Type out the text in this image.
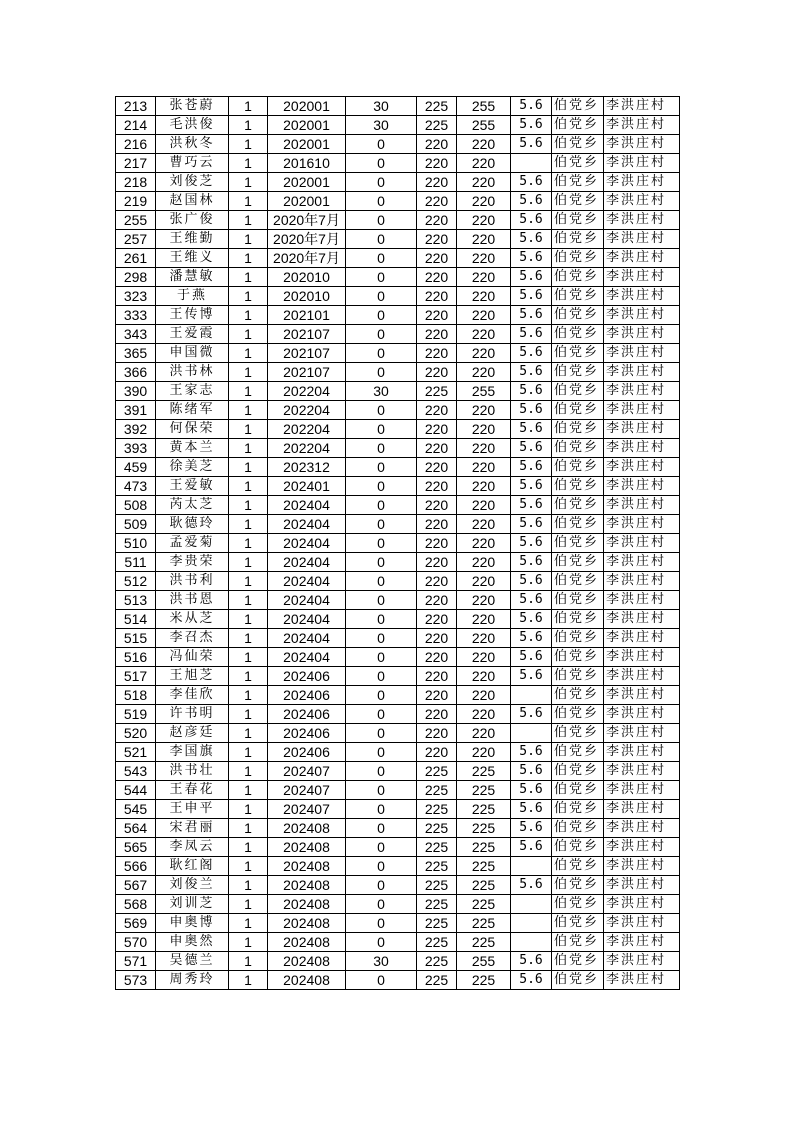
213	张苍蔚	1	202001	30	225	255	5.6	伯党乡	李洪庄村
214	毛洪俊	1	202001	30	225	255	5.6	伯党乡	李洪庄村
216	洪秋冬	1	202001	0	220	220	5.6	伯党乡	李洪庄村
217	曹巧云	1	201610	0	220	220		伯党乡	李洪庄村
218	刘俊芝	1	202001	0	220	220	5.6	伯党乡	李洪庄村
219	赵国林	1	202001	0	220	220	5.6	伯党乡	李洪庄村
255	张广俊	1	2020年7月	0	220	220	5.6	伯党乡	李洪庄村
257	王维勤	1	2020年7月	0	220	220	5.6	伯党乡	李洪庄村
261	王维义	1	2020年7月	0	220	220	5.6	伯党乡	李洪庄村
298	潘慧敏	1	202010	0	220	220	5.6	伯党乡	李洪庄村
323	于燕	1	202010	0	220	220	5.6	伯党乡	李洪庄村
333	王传博	1	202101	0	220	220	5.6	伯党乡	李洪庄村
343	王爱霞	1	202107	0	220	220	5.6	伯党乡	李洪庄村
365	申国微	1	202107	0	220	220	5.6	伯党乡	李洪庄村
366	洪书林	1	202107	0	220	220	5.6	伯党乡	李洪庄村
390	王家志	1	202204	30	225	255	5.6	伯党乡	李洪庄村
391	陈绪军	1	202204	0	220	220	5.6	伯党乡	李洪庄村
392	何保荣	1	202204	0	220	220	5.6	伯党乡	李洪庄村
393	黄本兰	1	202204	0	220	220	5.6	伯党乡	李洪庄村
459	徐美芝	1	202312	0	220	220	5.6	伯党乡	李洪庄村
473	王爱敏	1	202401	0	220	220	5.6	伯党乡	李洪庄村
508	芮太芝	1	202404	0	220	220	5.6	伯党乡	李洪庄村
509	耿德玲	1	202404	0	220	220	5.6	伯党乡	李洪庄村
510	孟爱菊	1	202404	0	220	220	5.6	伯党乡	李洪庄村
511	李贵荣	1	202404	0	220	220	5.6	伯党乡	李洪庄村
512	洪书利	1	202404	0	220	220	5.6	伯党乡	李洪庄村
513	洪书恩	1	202404	0	220	220	5.6	伯党乡	李洪庄村
514	米从芝	1	202404	0	220	220	5.6	伯党乡	李洪庄村
515	李召杰	1	202404	0	220	220	5.6	伯党乡	李洪庄村
516	冯仙荣	1	202404	0	220	220	5.6	伯党乡	李洪庄村
517	王旭芝	1	202406	0	220	220	5.6	伯党乡	李洪庄村
518	李佳欣	1	202406	0	220	220		伯党乡	李洪庄村
519	许书明	1	202406	0	220	220	5.6	伯党乡	李洪庄村
520	赵彦廷	1	202406	0	220	220		伯党乡	李洪庄村
521	李国旗	1	202406	0	220	220	5.6	伯党乡	李洪庄村
543	洪书壮	1	202407	0	225	225	5.6	伯党乡	李洪庄村
544	王春花	1	202407	0	225	225	5.6	伯党乡	李洪庄村
545	王申平	1	202407	0	225	225	5.6	伯党乡	李洪庄村
564	宋君丽	1	202408	0	225	225	5.6	伯党乡	李洪庄村
565	李凤云	1	202408	0	225	225	5.6	伯党乡	李洪庄村
566	耿红阁	1	202408	0	225	225		伯党乡	李洪庄村
567	刘俊兰	1	202408	0	225	225	5.6	伯党乡	李洪庄村
568	刘训芝	1	202408	0	225	225		伯党乡	李洪庄村
569	申奥博	1	202408	0	225	225		伯党乡	李洪庄村
570	申奥然	1	202408	0	225	225		伯党乡	李洪庄村
571	吴德兰	1	202408	30	225	255	5.6	伯党乡	李洪庄村
573	周秀玲	1	202408	0	225	225	5.6	伯党乡	李洪庄村
